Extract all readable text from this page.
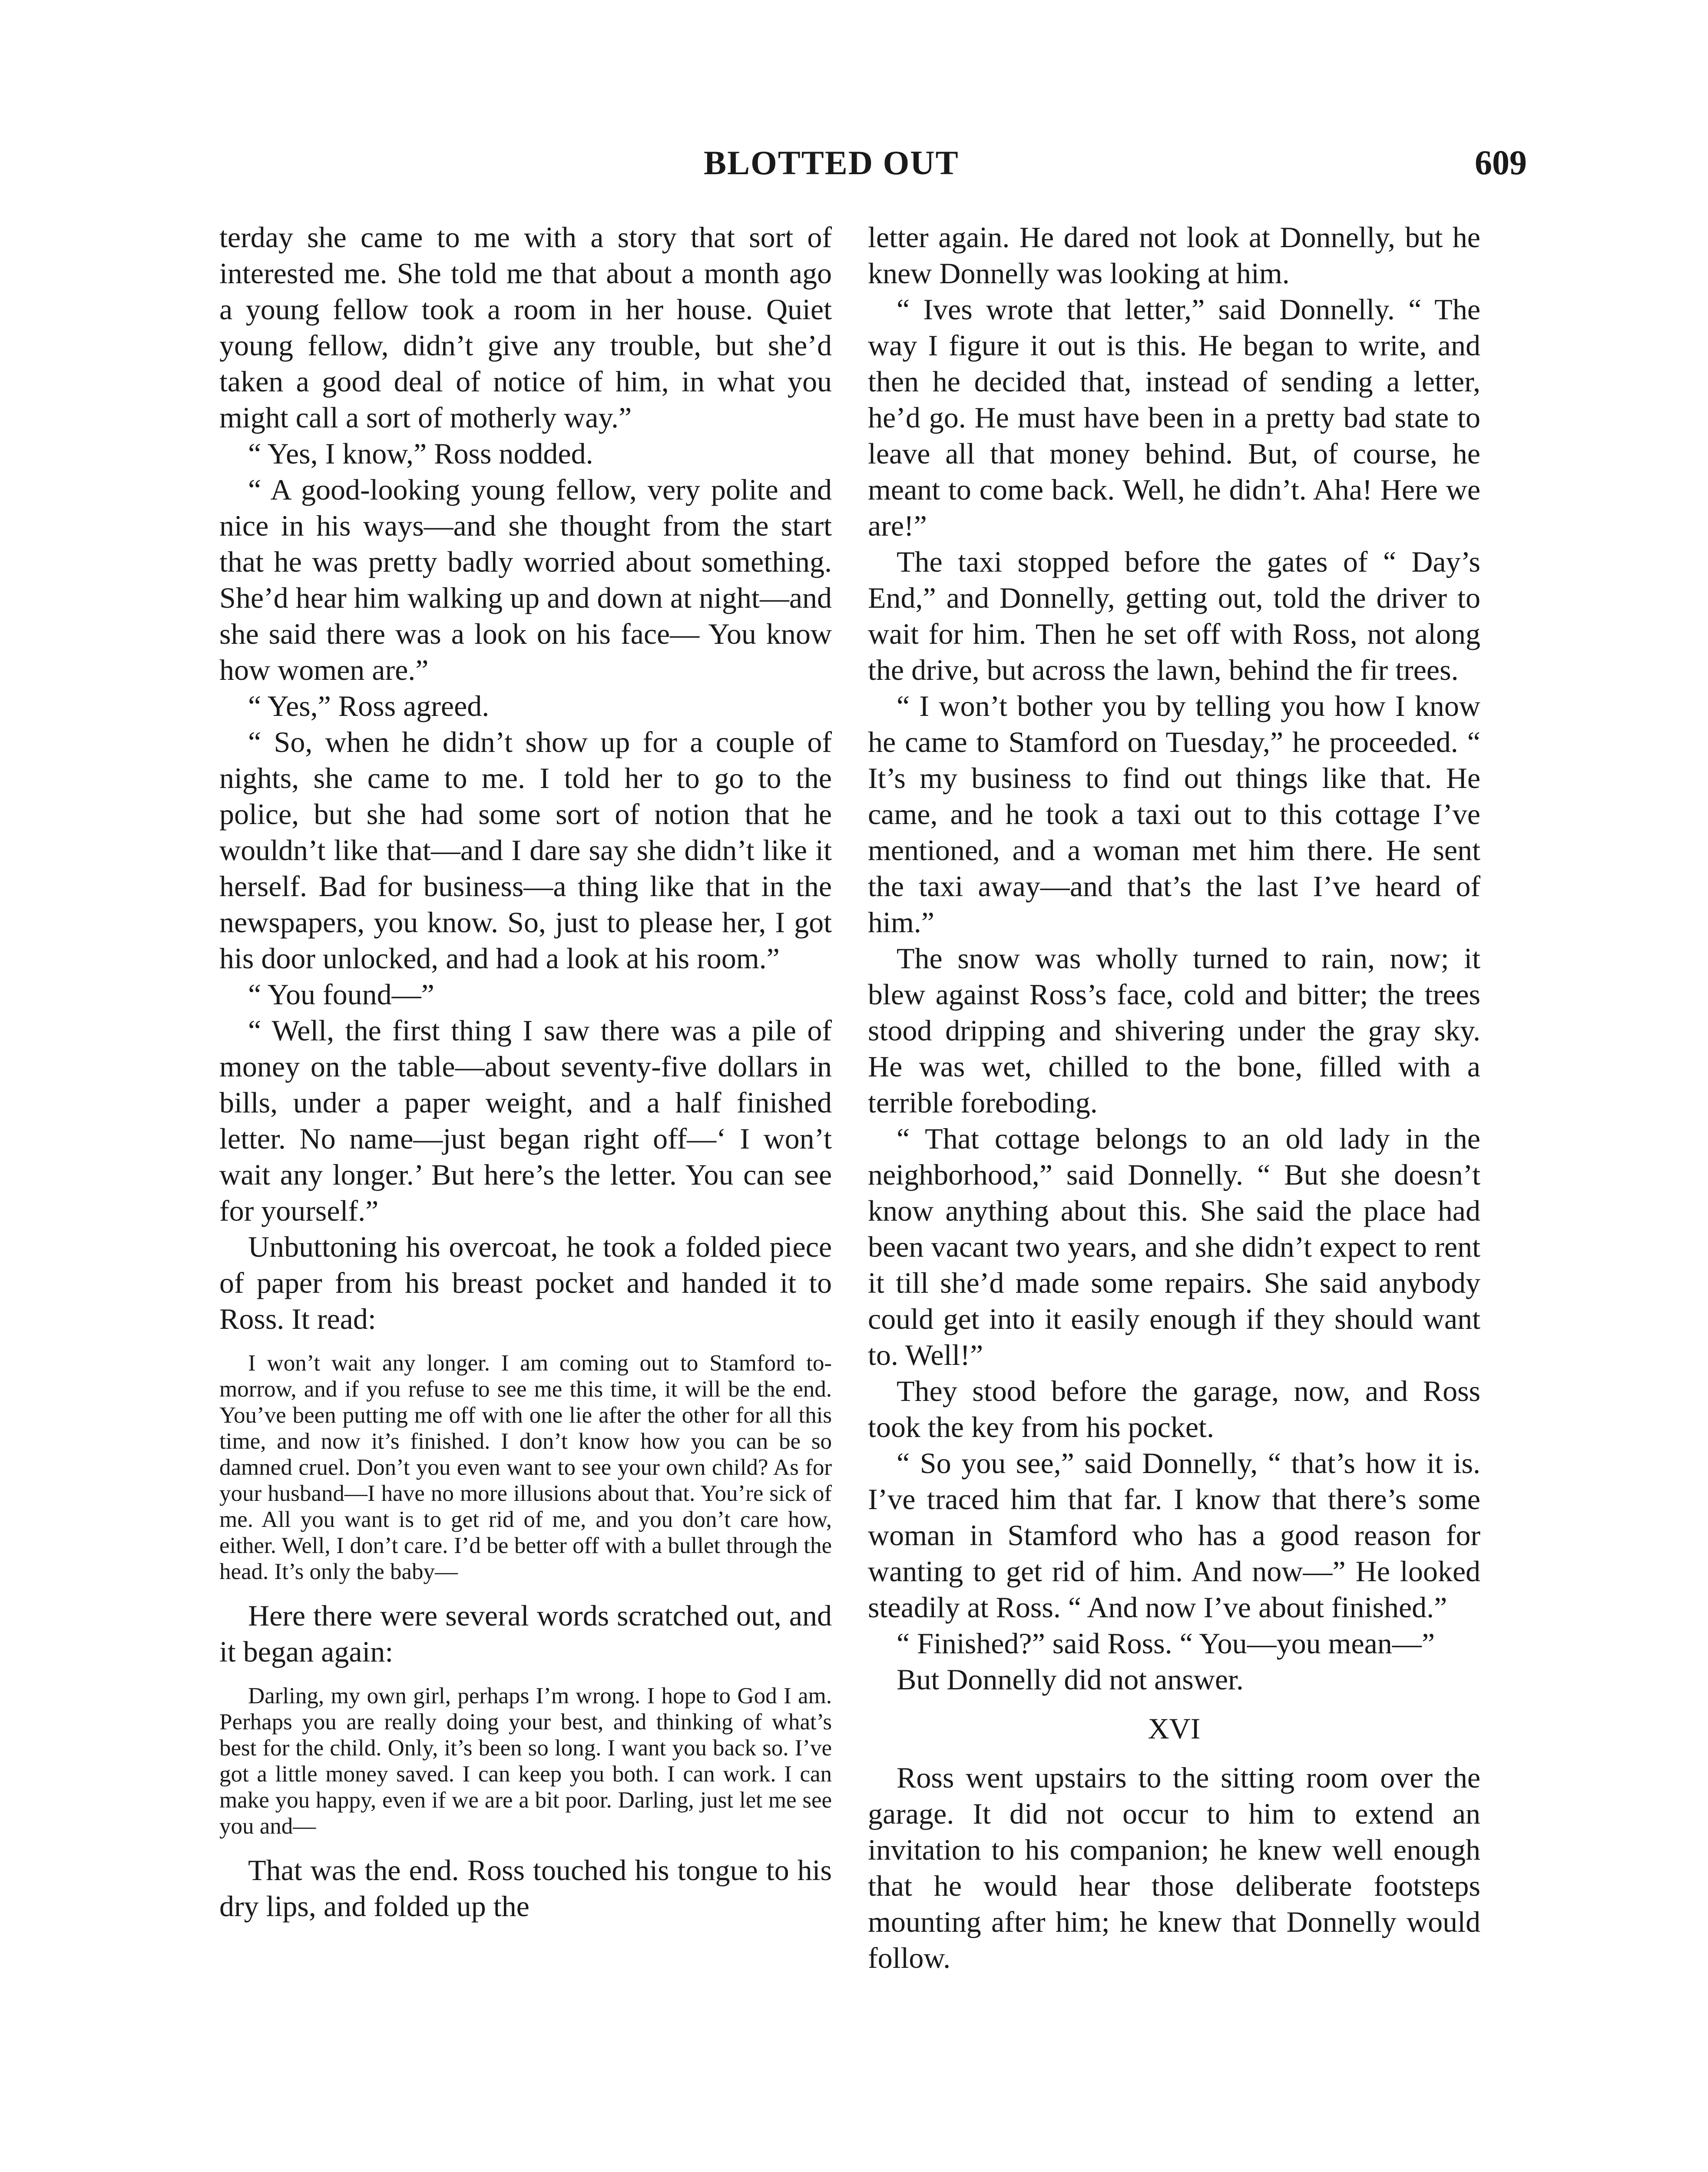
BLOTTED OUT	609

terday she came to me with a story that sort of interested me. She told me that about a month ago a young fellow took a room in her house. Quiet young fellow, didn’t give any trouble, but she’d taken a good deal of notice of him, in what you might call a sort of motherly way.”

“ Yes, I know,” Ross nodded.

“ A good-looking young fellow, very polite and nice in his ways—and she thought from the start that he was pretty badly worried about something. She’d hear him walking up and down at night—and she said there was a look on his face— You know how women are.”

“ Yes,” Ross agreed.

“ So, when he didn’t show up for a couple of nights, she came to me. I told her to go to the police, but she had some sort of notion that he wouldn’t like that—and I dare say she didn’t like it herself. Bad for business—a thing like that in the newspapers, you know. So, just to please her, I got his door unlocked, and had a look at his room.”

“ You found—”

“ Well, the first thing I saw there was a pile of money on the table—about seventy-five dollars in bills, under a paper weight, and a half finished letter. No name—just began right off—‘ I won’t wait any longer.’ But here’s the letter. You can see for yourself.”

Unbuttoning his overcoat, he took a folded piece of paper from his breast pocket and handed it to Ross. It read:

I won’t wait any longer. I am coming out to Stamford to-morrow, and if you refuse to see me this time, it will be the end. You’ve been putting me off with one lie after the other for all this time, and now it’s finished. I don’t know how you can be so damned cruel. Don’t you even want to see your own child? As for your husband—I have no more illusions about that. You’re sick of me. All you want is to get rid of me, and you don’t care how, either. Well, I don’t care. I’d be better off with a bullet through the head. It’s only the baby—

Here there were several words scratched out, and it began again:

Darling, my own girl, perhaps I’m wrong. I hope to God I am. Perhaps you are really doing your best, and thinking of what’s best for the child. Only, it’s been so long. I want you back so. I’ve got a little money saved. I can keep you both. I can work. I can make you happy, even if we are a bit poor. Darling, just let me see you and—

That was the end. Ross touched his tongue to his dry lips, and folded up the

letter again. He dared not look at Donnelly, but he knew Donnelly was looking at him.

“ Ives wrote that letter,” said Donnelly. “ The way I figure it out is this. He began to write, and then he decided that, instead of sending a letter, he’d go. He must have been in a pretty bad state to leave all that money behind. But, of course, he meant to come back. Well, he didn’t. Aha! Here we are!”

The taxi stopped before the gates of “ Day’s End,” and Donnelly, getting out, told the driver to wait for him. Then he set off with Ross, not along the drive, but across the lawn, behind the fir trees.

“ I won’t bother you by telling you how I know he came to Stamford on Tuesday,” he proceeded. “ It’s my business to find out things like that. He came, and he took a taxi out to this cottage I’ve mentioned, and a woman met him there. He sent the taxi away—and that’s the last I’ve heard of him.”

The snow was wholly turned to rain, now; it blew against Ross’s face, cold and bitter; the trees stood dripping and shivering under the gray sky. He was wet, chilled to the bone, filled with a terrible foreboding.

“ That cottage belongs to an old lady in the neighborhood,” said Donnelly. “ But she doesn’t know anything about this. She said the place had been vacant two years, and she didn’t expect to rent it till she’d made some repairs. She said anybody could get into it easily enough if they should want to. Well!”

They stood before the garage, now, and Ross took the key from his pocket.

“ So you see,” said Donnelly, “ that’s how it is. I’ve traced him that far. I know that there’s some woman in Stamford who has a good reason for wanting to get rid of him. And now—” He looked steadily at Ross. “ And now I’ve about finished.”

“ Finished?” said Ross. “ You—you mean—”

But Donnelly did not answer.

XVI

Ross went upstairs to the sitting room over the garage. It did not occur to him to extend an invitation to his companion; he knew well enough that he would hear those deliberate footsteps mounting after him; he knew that Donnelly would follow.
